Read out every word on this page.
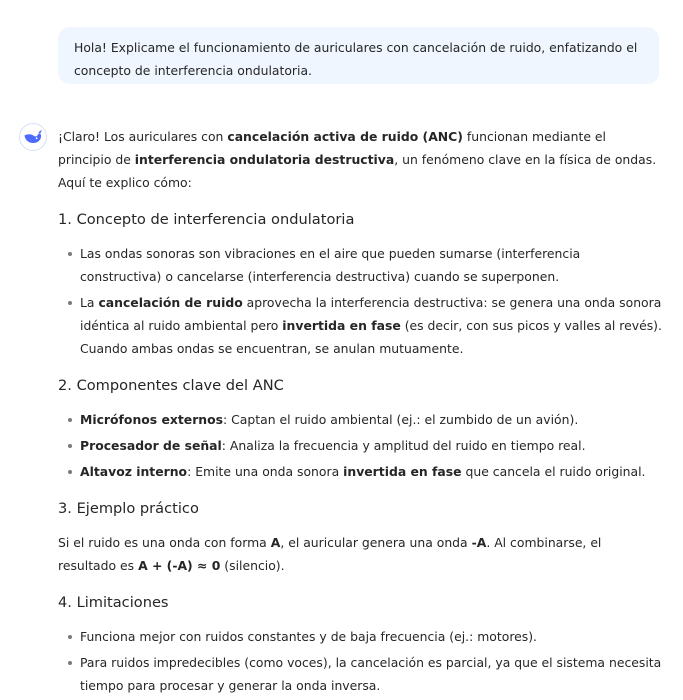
Hola! Explicame el funcionamiento de auriculares con cancelación de ruido, enfatizando el concepto de interferencia ondulatoria.

¡Claro! Los auriculares con cancelación activa de ruido (ANC) funcionan mediante el principio de interferencia ondulatoria destructiva, un fenómeno clave en la física de ondas. Aquí te explico cómo:

1. Concepto de interferencia ondulatoria
Las ondas sonoras son vibraciones en el aire que pueden sumarse (interferencia constructiva) o cancelarse (interferencia destructiva) cuando se superponen.
La cancelación de ruido aprovecha la interferencia destructiva: se genera una onda sonora idéntica al ruido ambiental pero invertida en fase (es decir, con sus picos y valles al revés). Cuando ambas ondas se encuentran, se anulan mutuamente.
2. Componentes clave del ANC
Micrófonos externos: Captan el ruido ambiental (ej.: el zumbido de un avión).
Procesador de señal: Analiza la frecuencia y amplitud del ruido en tiempo real.
Altavoz interno: Emite una onda sonora invertida en fase que cancela el ruido original.
3. Ejemplo práctico

Si el ruido es una onda con forma A, el auricular genera una onda -A. Al combinarse, el resultado es A + (-A) ≈ 0 (silencio).

4. Limitaciones
Funciona mejor con ruidos constantes y de baja frecuencia (ej.: motores).
Para ruidos impredecibles (como voces), la cancelación es parcial, ya que el sistema necesita tiempo para procesar y generar la onda inversa.
